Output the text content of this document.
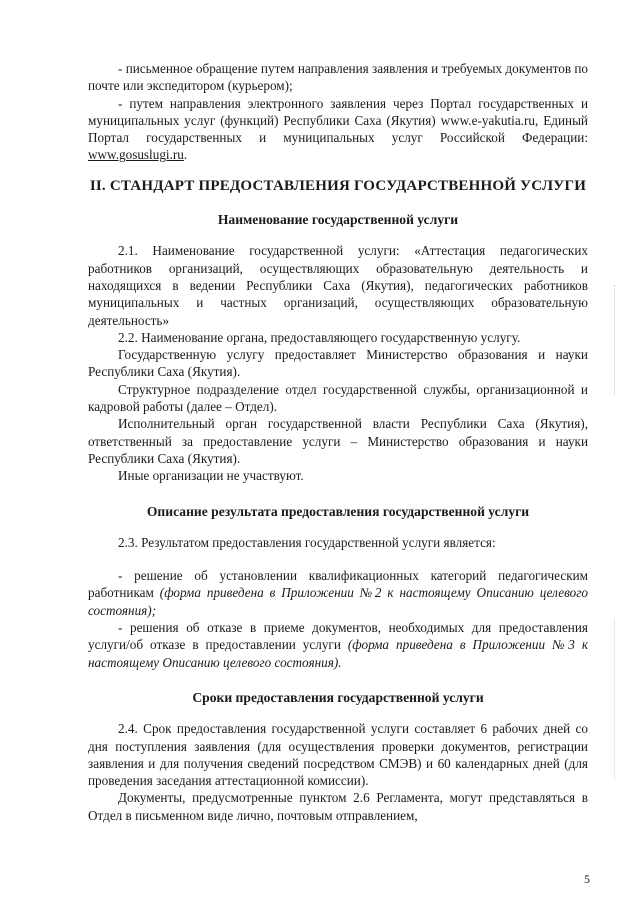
- письменное обращение путем направления заявления и требуемых документов по почте или экспедитором (курьером);

- путем направления электронного заявления через Портал государственных и муниципальных услуг (функций) Республики Саха (Якутия) www.e-yakutia.ru, Единый Портал государственных и муниципальных услуг Российской Федерации: www.gosuslugi.ru.

II. СТАНДАРТ ПРЕДОСТАВЛЕНИЯ ГОСУДАРСТВЕННОЙ УСЛУГИ
Наименование государственной услуги

2.1. Наименование государственной услуги: «Аттестация педагогических работников организаций, осуществляющих образовательную деятельность и находящихся в ведении Республики Саха (Якутия), педагогических работников муниципальных и частных организаций, осуществляющих образовательную деятельность»

2.2. Наименование органа, предоставляющего государственную услугу.

Государственную услугу предоставляет Министерство образования и науки Республики Саха (Якутия).

Структурное подразделение отдел государственной службы, организационной и кадровой работы (далее – Отдел).

Исполнительный орган государственной власти Республики Саха (Якутия), ответственный за предоставление услуги – Министерство образования и науки Республики Саха (Якутия).

Иные организации не участвуют.

Описание результата предоставления государственной услуги

2.3. Результатом предоставления государственной услуги является:

- решение об установлении квалификационных категорий педагогическим работникам (форма приведена в Приложении №2 к настоящему Описанию целевого состояния);

- решения об отказе в приеме документов, необходимых для предоставления услуги/об отказе в предоставлении услуги (форма приведена в Приложении №3 к настоящему Описанию целевого состояния).

Сроки предоставления государственной услуги

2.4. Срок предоставления государственной услуги составляет 6 рабочих дней со дня поступления заявления (для осуществления проверки документов, регистрации заявления и для получения сведений посредством СМЭВ) и 60 календарных дней (для проведения заседания аттестационной комиссии).

Документы, предусмотренные пунктом 2.6 Регламента, могут представляться в Отдел в письменном виде лично, почтовым отправлением,

5
